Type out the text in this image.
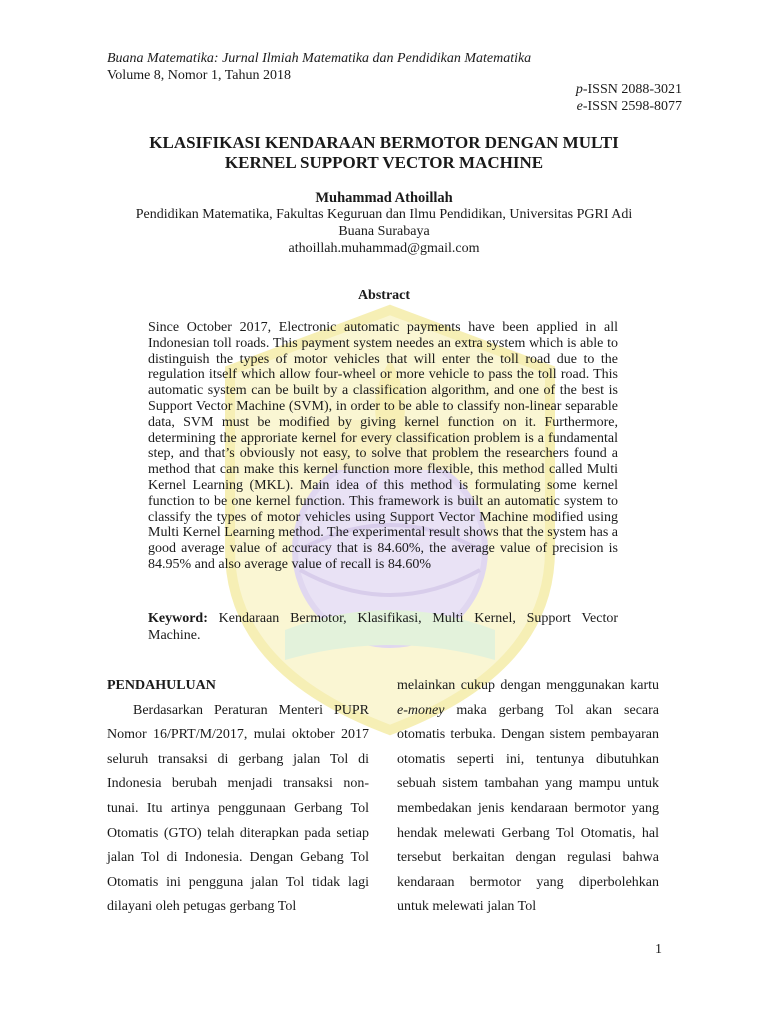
Buana Matematika: Jurnal Ilmiah Matematika dan Pendidikan Matematika
Volume 8, Nomor 1, Tahun 2018
p-ISSN 2088-3021
e-ISSN 2598-8077
KLASIFIKASI KENDARAAN BERMOTOR DENGAN MULTI
KERNEL SUPPORT VECTOR MACHINE
Muhammad Athoillah
Pendidikan Matematika, Fakultas Keguruan dan Ilmu Pendidikan, Universitas PGRI Adi
Buana Surabaya
athoillah.muhammad@gmail.com
Abstract

Since October 2017, Electronic automatic payments have been applied in all Indonesian toll roads. This payment system needes an extra system which is able to distinguish the types of motor vehicles that will enter the toll road due to the regulation itself which allow four-wheel or more vehicle to pass the toll road. This automatic system can be built by a classification algorithm, and one of the best is Support Vector Machine (SVM), in order to be able to classify non-linear separable data, SVM must be modified by giving kernel function on it. Furthermore, determining the approriate kernel for every classification problem is a fundamental step, and that’s obviously not easy, to solve that problem the researchers found a method that can make this kernel function more flexible, this method called Multi Kernel Learning (MKL). Main idea of this method is formulating some kernel function to be one kernel function. This framework is built an automatic system to classify the types of motor vehicles using Support Vector Machine modified using Multi Kernel Learning method. The experimental result shows that the system has a good average value of accuracy that is 84.60%, the average value of precision is 84.95% and also average value of recall is 84.60%

Keyword: Kendaraan Bermotor, Klasifikasi, Multi Kernel, Support Vector Machine.

PENDAHULUAN

Berdasarkan Peraturan Menteri PUPR Nomor 16/PRT/M/2017, mulai oktober 2017 seluruh transaksi di gerbang jalan Tol di Indonesia berubah menjadi transaksi non-tunai. Itu artinya penggunaan Gerbang Tol Otomatis (GTO) telah diterapkan pada setiap jalan Tol di Indonesia. Dengan Gebang Tol Otomatis ini pengguna jalan Tol tidak lagi dilayani oleh petugas gerbang Tol

melainkan cukup dengan menggunakan kartu e-money maka gerbang Tol akan secara otomatis terbuka. Dengan sistem pembayaran otomatis seperti ini, tentunya dibutuhkan sebuah sistem tambahan yang mampu untuk membedakan jenis kendaraan bermotor yang hendak melewati Gerbang Tol Otomatis, hal tersebut berkaitan dengan regulasi bahwa kendaraan bermotor yang diperbolehkan untuk melewati jalan Tol

1
